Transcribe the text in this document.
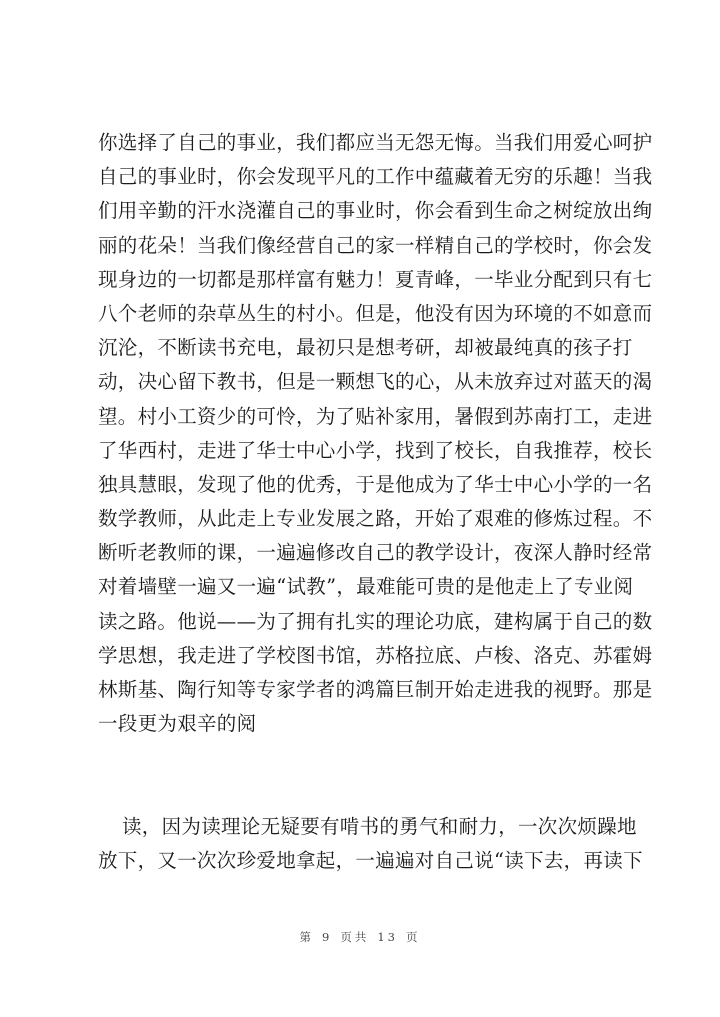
你选择了自己的事业，我们都应当无怨无悔。当我们用爱心呵护
自己的事业时，你会发现平凡的工作中蕴藏着无穷的乐趣！当我
们用辛勤的汗水浇灌自己的事业时，你会看到生命之树绽放出绚
丽的花朵！当我们像经营自己的家一样精自己的学校时，你会发
现身边的一切都是那样富有魅力！夏青峰，一毕业分配到只有七
八个老师的杂草丛生的村小。但是，他没有因为环境的不如意而
沉沦，不断读书充电，最初只是想考研，却被最纯真的孩子打
动，决心留下教书，但是一颗想飞的心，从未放弃过对蓝天的渴
望。村小工资少的可怜，为了贴补家用，暑假到苏南打工，走进
了华西村，走进了华士中心小学，找到了校长，自我推荐，校长
独具慧眼，发现了他的优秀，于是他成为了华士中心小学的一名
数学教师，从此走上专业发展之路，开始了艰难的修炼过程。不
断听老教师的课，一遍遍修改自己的教学设计，夜深人静时经常
对着墙壁一遍又一遍“试教”，最难能可贵的是他走上了专业阅
读之路。他说——为了拥有扎实的理论功底，建构属于自己的数
学思想，我走进了学校图书馆，苏格拉底、卢梭、洛克、苏霍姆
林斯基、陶行知等专家学者的鸿篇巨制开始走进我的视野。那是
一段更为艰辛的阅
读，因为读理论无疑要有啃书的勇气和耐力，一次次烦躁地
放下，又一次次珍爱地拿起，一遍遍对自己说“读下去，再读下
第 9 页共 13 页
